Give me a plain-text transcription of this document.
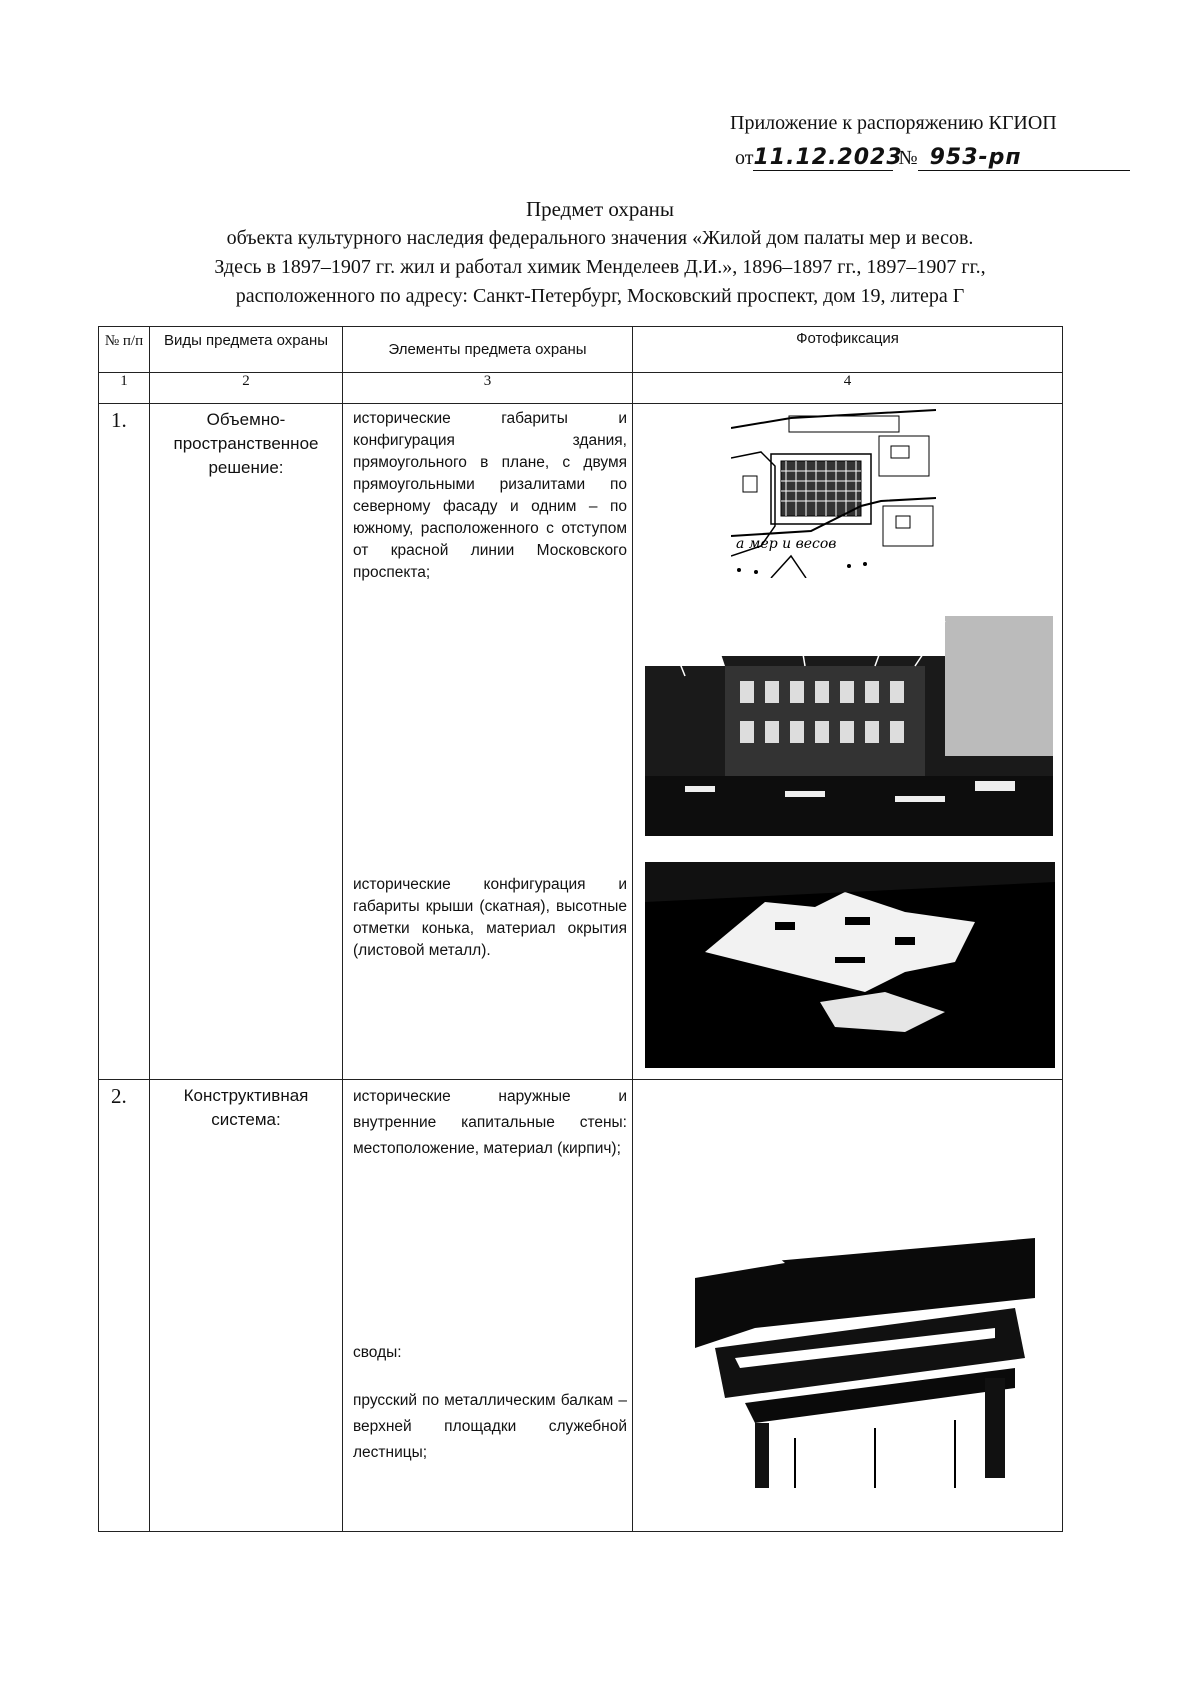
Приложение к распоряжению КГИОП
от11.12.2023 № 953-рп
Предмет охраны
объекта культурного наследия федерального значения «Жилой дом палаты мер и весов.
Здесь в 1897–1907 гг. жил и работал химик Менделеев Д.И.», 1896–1897 гг., 1897–1907 гг.,
расположенного по адресу: Санкт-Петербург, Московский проспект, дом 19, литера Г
№ п/п	Виды предмета охраны	Элементы предмета охраны	Фотофиксация
1	2	3	4
1.	Объемно-пространственное решение:	исторические габариты и конфигурация здания, прямоугольного в плане, с двумя прямоугольными ризалитами по северному фасаду и одним – по южному, расположенного с отступом от красной линии Московского проспекта;
исторические конфигурация и габариты крыши (скатная), высотные отметки конька, материал окрытия (листовой металл).	а мер и весов

2.	Конструктивная система:	исторические наружные и внутренние капитальные стены: местоположение, материал (кирпич);
своды:
прусский по металлическим балкам – верхней площадки служебной лестницы;
